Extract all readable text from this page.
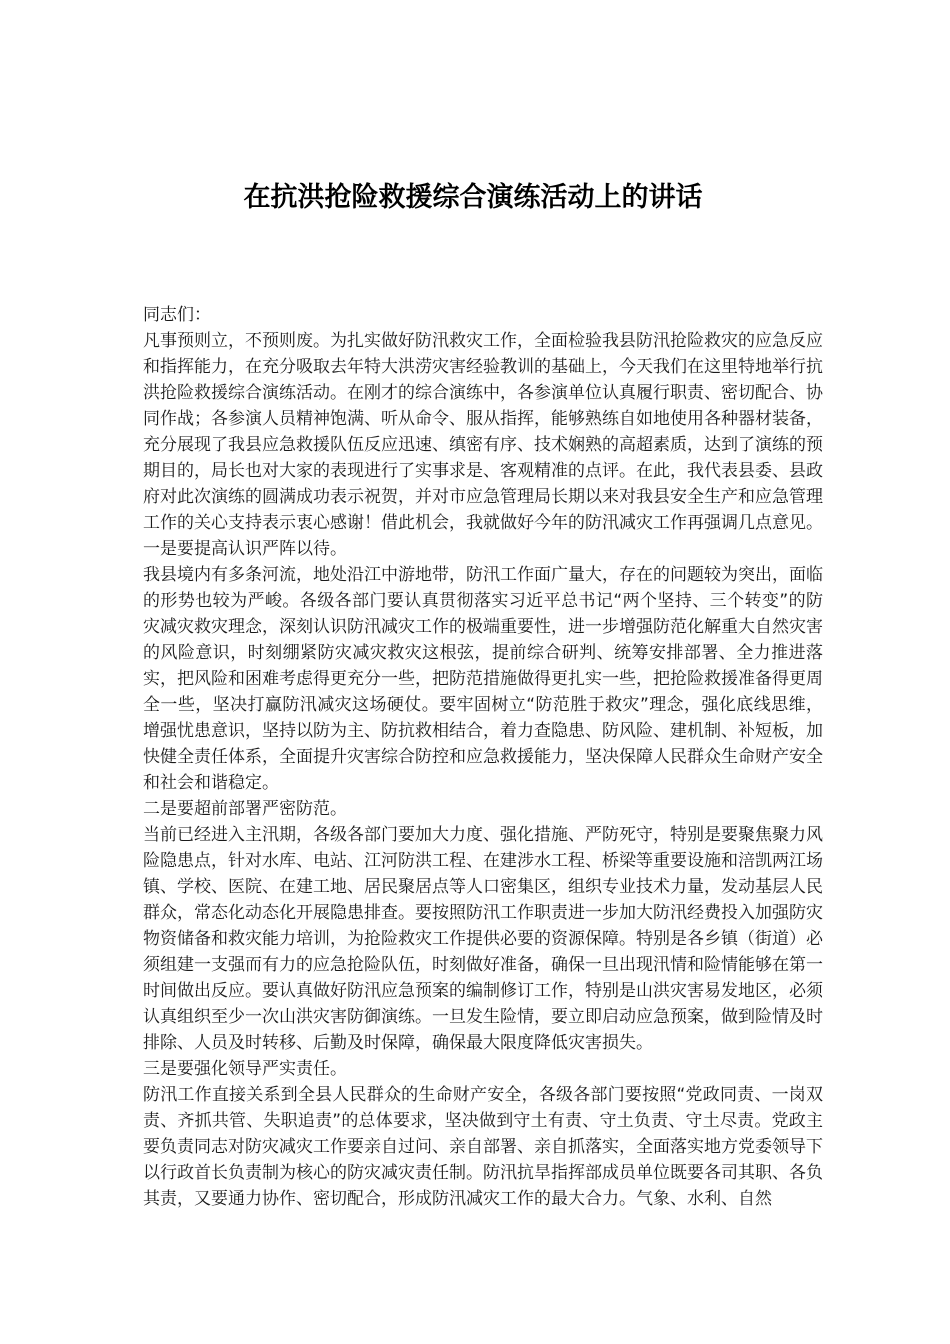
在抗洪抢险救援综合演练活动上的讲话

同志们：

凡事预则立，不预则废。为扎实做好防汛救灾工作，全面检验我县防汛抢险救灾的应急反应和指挥能力，在充分吸取去年特大洪涝灾害经验教训的基础上，今天我们在这里特地举行抗洪抢险救援综合演练活动。在刚才的综合演练中，各参演单位认真履行职责、密切配合、协同作战；各参演人员精神饱满、听从命令、服从指挥，能够熟练自如地使用各种器材装备，充分展现了我县应急救援队伍反应迅速、缜密有序、技术娴熟的高超素质，达到了演练的预期目的，局长也对大家的表现进行了实事求是、客观精准的点评。在此，我代表县委、县政府对此次演练的圆满成功表示祝贺，并对市应急管理局长期以来对我县安全生产和应急管理工作的关心支持表示衷心感谢！借此机会，我就做好今年的防汛减灾工作再强调几点意见。

一是要提高认识严阵以待。

我县境内有多条河流，地处沿江中游地带，防汛工作面广量大，存在的问题较为突出，面临的形势也较为严峻。各级各部门要认真贯彻落实习近平总书记“两个坚持、三个转变”的防灾减灾救灾理念，深刻认识防汛减灾工作的极端重要性，进一步增强防范化解重大自然灾害的风险意识，时刻绷紧防灾减灾救灾这根弦，提前综合研判、统筹安排部署、全力推进落实，把风险和困难考虑得更充分一些，把防范措施做得更扎实一些，把抢险救援准备得更周全一些，坚决打赢防汛减灾这场硬仗。要牢固树立“防范胜于救灾”理念，强化底线思维，增强忧患意识，坚持以防为主、防抗救相结合，着力查隐患、防风险、建机制、补短板，加快健全责任体系，全面提升灾害综合防控和应急救援能力，坚决保障人民群众生命财产安全和社会和谐稳定。

二是要超前部署严密防范。

当前已经进入主汛期，各级各部门要加大力度、强化措施、严防死守，特别是要聚焦聚力风险隐患点，针对水库、电站、江河防洪工程、在建涉水工程、桥梁等重要设施和涪凯两江场镇、学校、医院、在建工地、居民聚居点等人口密集区，组织专业技术力量，发动基层人民群众，常态化动态化开展隐患排查。要按照防汛工作职责进一步加大防汛经费投入加强防灾物资储备和救灾能力培训，为抢险救灾工作提供必要的资源保障。特别是各乡镇（街道）必须组建一支强而有力的应急抢险队伍，时刻做好准备，确保一旦出现汛情和险情能够在第一时间做出反应。要认真做好防汛应急预案的编制修订工作，特别是山洪灾害易发地区，必须认真组织至少一次山洪灾害防御演练。一旦发生险情，要立即启动应急预案，做到险情及时排除、人员及时转移、后勤及时保障，确保最大限度降低灾害损失。

三是要强化领导严实责任。

防汛工作直接关系到全县人民群众的生命财产安全，各级各部门要按照“党政同责、一岗双责、齐抓共管、失职追责”的总体要求，坚决做到守土有责、守土负责、守土尽责。党政主要负责同志对防灾减灾工作要亲自过问、亲自部署、亲自抓落实，全面落实地方党委领导下以行政首长负责制为核心的防灾减灾责任制。防汛抗旱指挥部成员单位既要各司其职、各负其责，又要通力协作、密切配合，形成防汛减灾工作的最大合力。气象、水利、自然
